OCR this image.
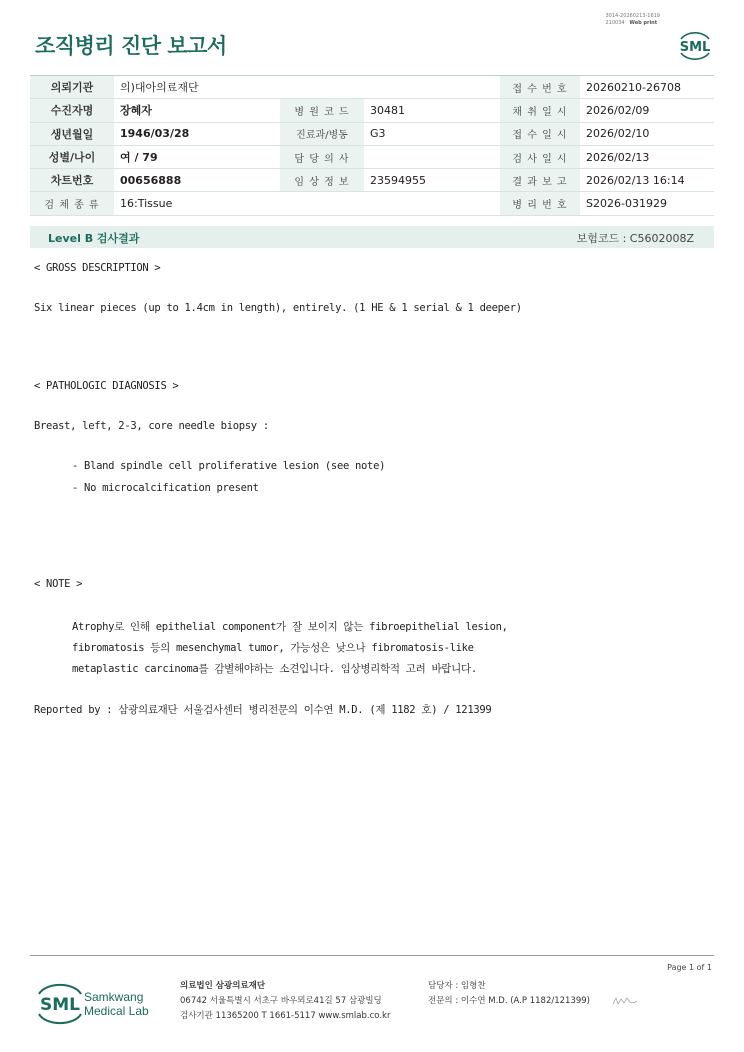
3014-20260213-1619
210034 Web print
조직병리 진단 보고서	SML
의뢰기관	의)대아의료재단			접 수 번 호	20260210-26708
수진자명	장혜자	병 원 코 드	30481	채 취 일 시	2026/02/09
생년월일	1946/03/28	진료과/병동	G3	접 수 일 시	2026/02/10
성별/나이	여 / 79	담 당 의 사		검 사 일 시	2026/02/13
차트번호	00656888	임 상 정 보	23594955	결 과 보 고	2026/02/13 16:14
검 체 종 류	16:Tissue			병 리 번 호	S2026-031929
Level B 검사결과	보험코드 : C5602008Z
< GROSS DESCRIPTION >
Six linear pieces (up to 1.4cm in length), entirely. (1 HE & 1 serial & 1 deeper)
< PATHOLOGIC DIAGNOSIS >
Breast, left, 2-3, core needle biopsy :
- Bland spindle cell proliferative lesion (see note)
- No microcalcification present
< NOTE >
Atrophy로 인해 epithelial component가 잘 보이지 않는 fibroepithelial lesion,
fibromatosis 등의 mesenchymal tumor, 가능성은 낮으나 fibromatosis-like
metaplastic carcinoma를 감별해야하는 소견입니다. 임상병리학적 고려 바랍니다.
Reported by : 삼광의료재단 서울검사센터 병리전문의 이수연 M.D. (제 1182 호) / 121399
Page 1 of 1
SML Samkwang
Medical Lab
의료법인 삼광의료재단
06742 서울특별시 서초구 바우뫼로41길 57 삼광빌딩
검사기관 11365200 T 1661-5117 www.smlab.co.kr
담당자 : 임형찬
전문의 : 이수연 M.D. (A.P 1182/121399)
